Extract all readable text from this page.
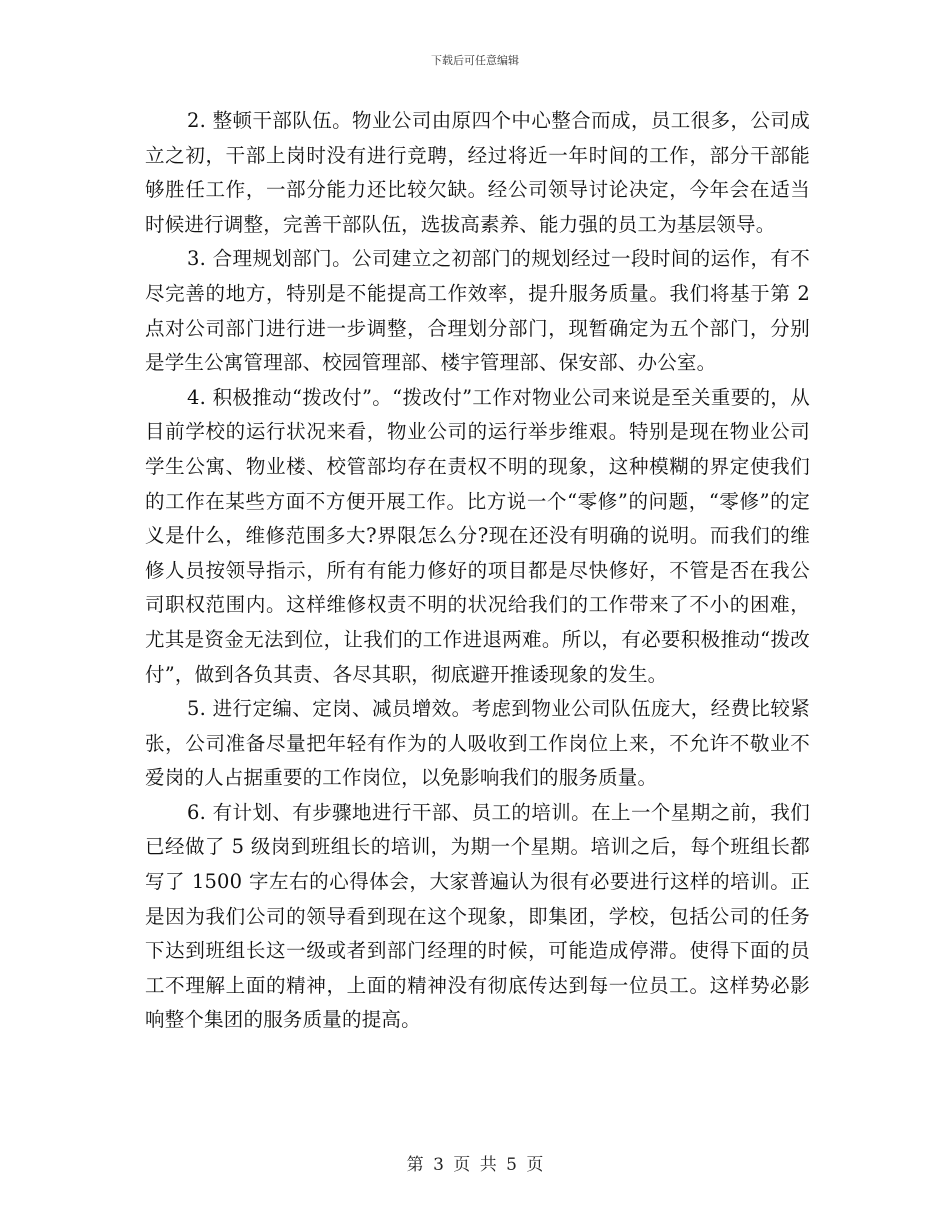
下载后可任意编辑

2. 整顿干部队伍。物业公司由原四个中心整合而成，员工很多，公司成立之初，干部上岗时没有进行竞聘，经过将近一年时间的工作，部分干部能够胜任工作，一部分能力还比较欠缺。经公司领导讨论决定，今年会在适当时候进行调整，完善干部队伍，选拔高素养、能力强的员工为基层领导。

3. 合理规划部门。公司建立之初部门的规划经过一段时间的运作，有不尽完善的地方，特别是不能提高工作效率，提升服务质量。我们将基于第 2 点对公司部门进行进一步调整，合理划分部门，现暂确定为五个部门，分别是学生公寓管理部、校园管理部、楼宇管理部、保安部、办公室。

4. 积极推动“拨改付”。“拨改付”工作对物业公司来说是至关重要的，从目前学校的运行状况来看，物业公司的运行举步维艰。特别是现在物业公司学生公寓、物业楼、校管部均存在责权不明的现象，这种模糊的界定使我们的工作在某些方面不方便开展工作。比方说一个“零修”的问题，“零修”的定义是什么，维修范围多大?界限怎么分?现在还没有明确的说明。而我们的维修人员按领导指示，所有有能力修好的项目都是尽快修好，不管是否在我公司职权范围内。这样维修权责不明的状况给我们的工作带来了不小的困难，尤其是资金无法到位，让我们的工作进退两难。所以，有必要积极推动“拨改付”，做到各负其责、各尽其职，彻底避开推诿现象的发生。

5. 进行定编、定岗、减员增效。考虑到物业公司队伍庞大，经费比较紧张，公司准备尽量把年轻有作为的人吸收到工作岗位上来，不允许不敬业不爱岗的人占据重要的工作岗位，以免影响我们的服务质量。

6. 有计划、有步骤地进行干部、员工的培训。在上一个星期之前，我们已经做了 5 级岗到班组长的培训，为期一个星期。培训之后，每个班组长都写了 1500 字左右的心得体会，大家普遍认为很有必要进行这样的培训。正是因为我们公司的领导看到现在这个现象，即集团，学校，包括公司的任务下达到班组长这一级或者到部门经理的时候，可能造成停滞。使得下面的员工不理解上面的精神，上面的精神没有彻底传达到每一位员工。这样势必影响整个集团的服务质量的提高。

第 3 页 共 5 页
